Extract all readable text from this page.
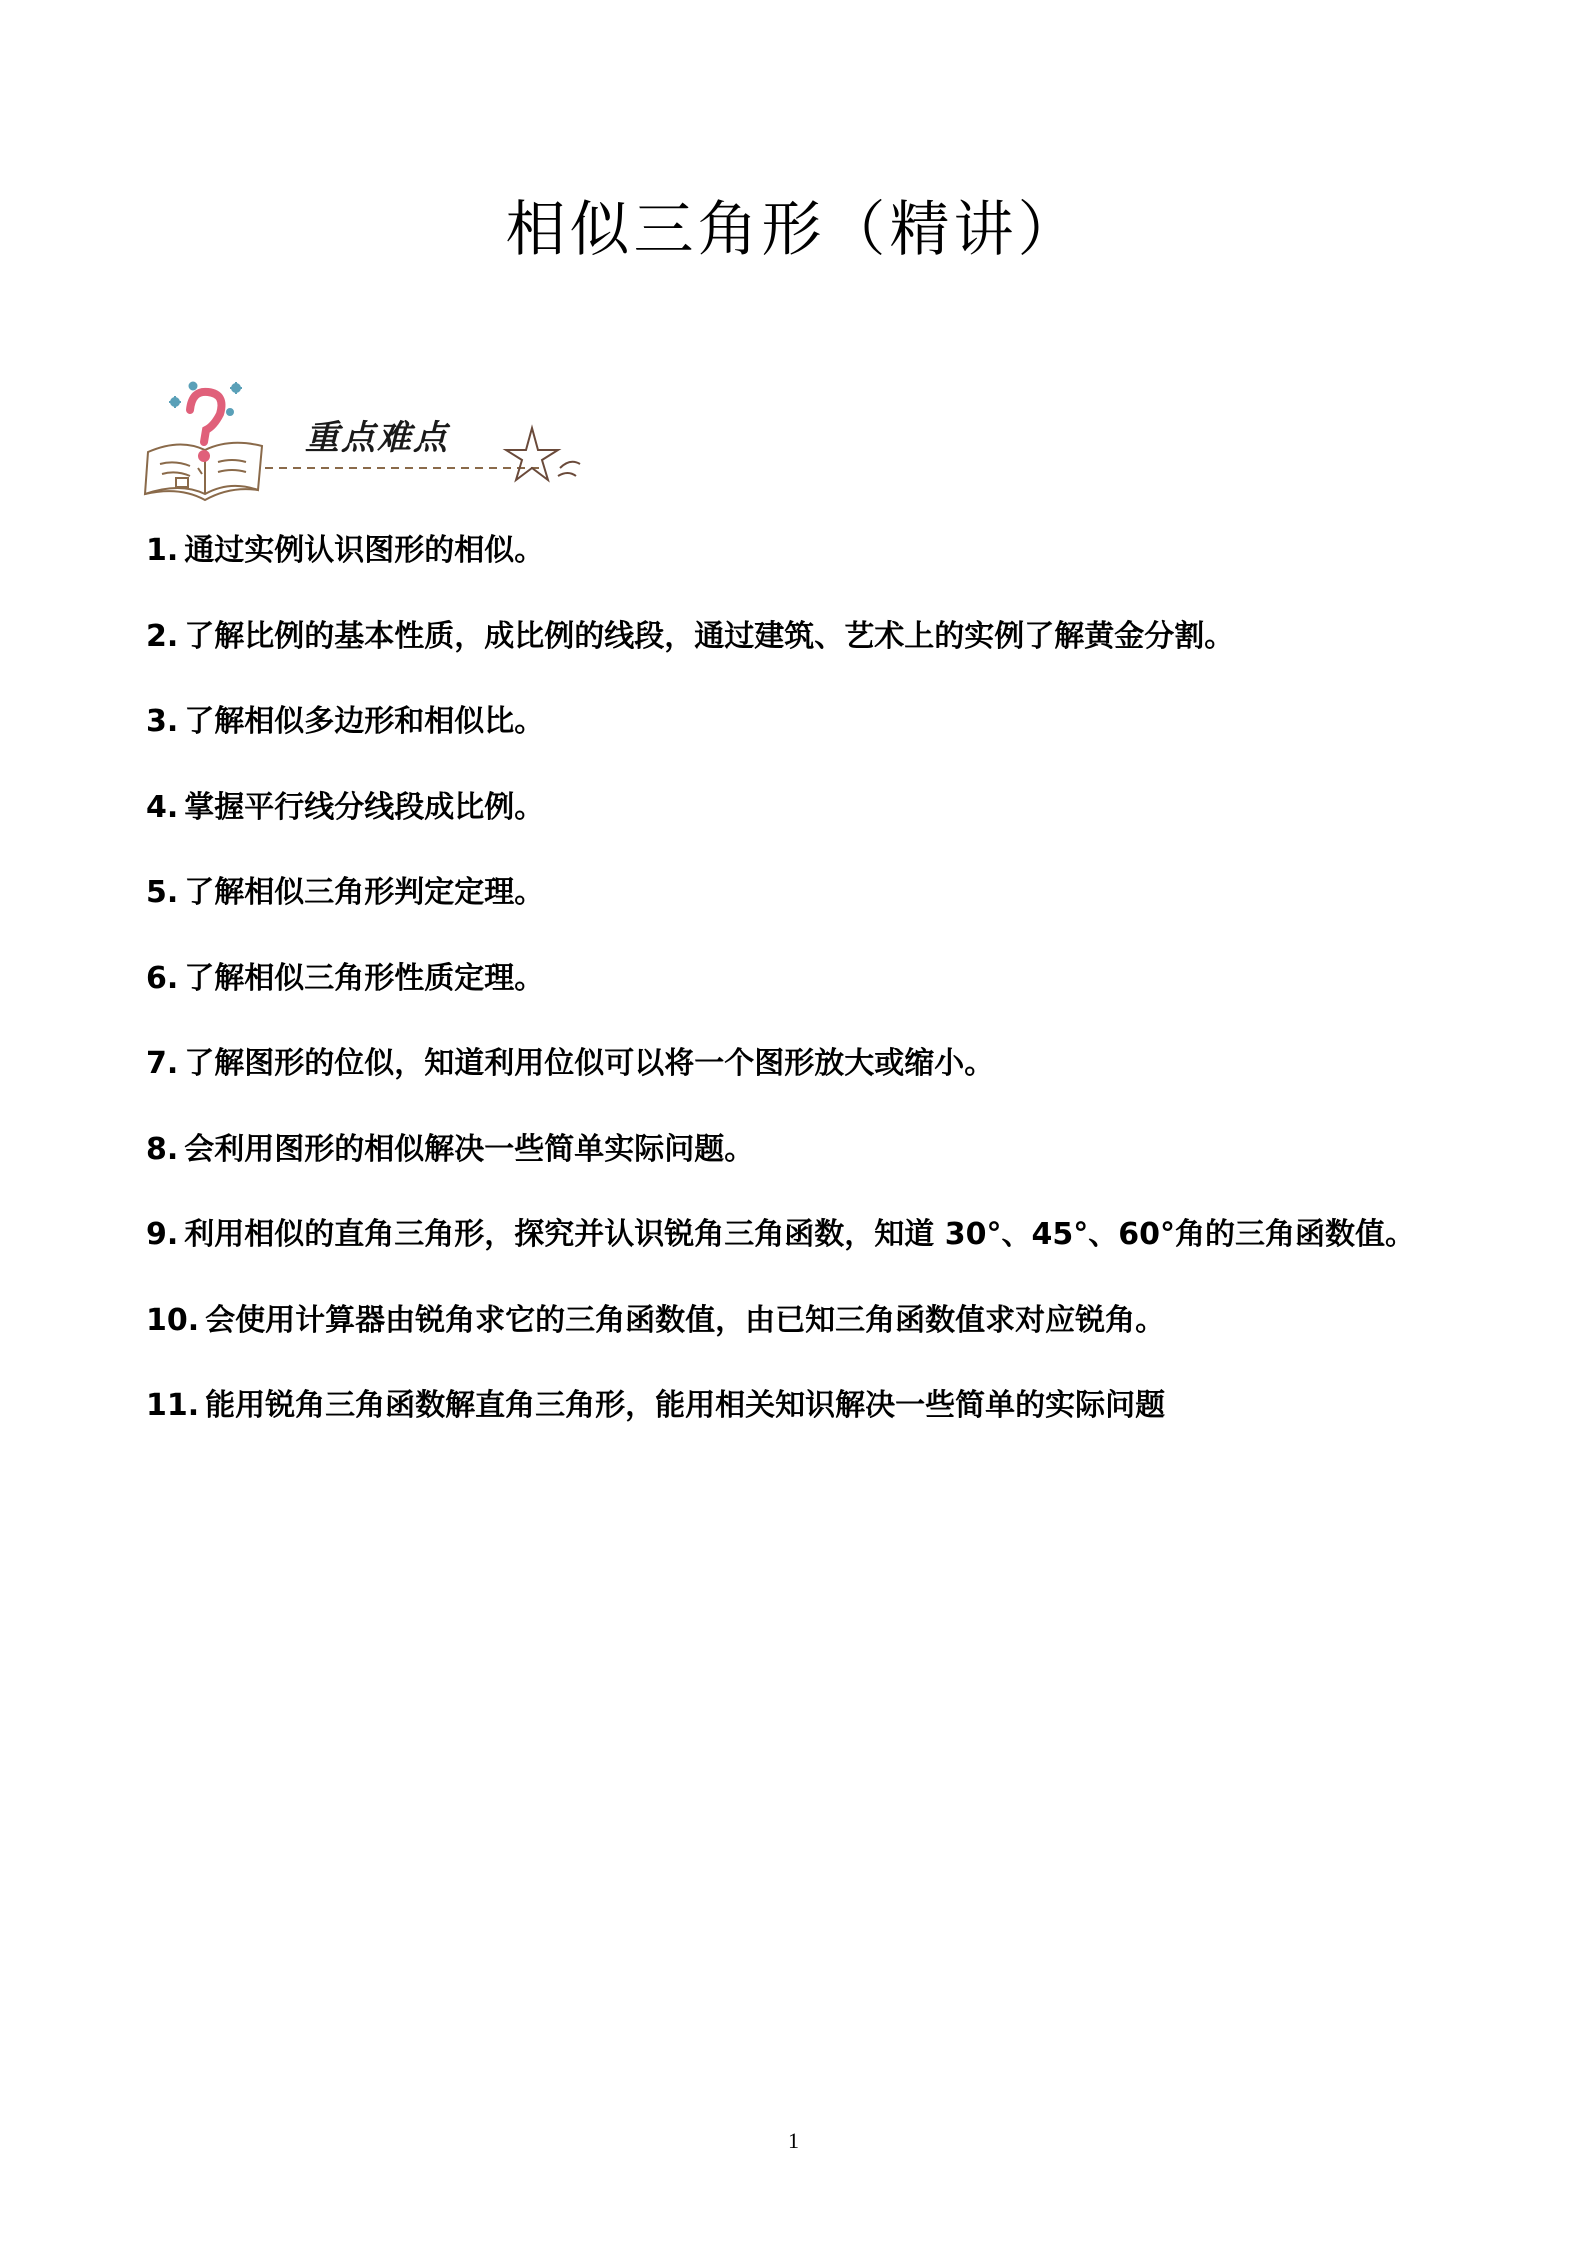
相似三角形（精讲）
重点难点
1. 通过实例认识图形的相似。
2. 了解比例的基本性质，成比例的线段，通过建筑、艺术上的实例了解黄金分割。
3. 了解相似多边形和相似比。
4. 掌握平行线分线段成比例。
5. 了解相似三角形判定定理。
6. 了解相似三角形性质定理。
7. 了解图形的位似，知道利用位似可以将一个图形放大或缩小。
8. 会利用图形的相似解决一些简单实际问题。
9. 利用相似的直角三角形，探究并认识锐角三角函数，知道 30°、45°、60°角的三角函数值。
10. 会使用计算器由锐角求它的三角函数值，由已知三角函数值求对应锐角。
11. 能用锐角三角函数解直角三角形，能用相关知识解决一些简单的实际问题
1
